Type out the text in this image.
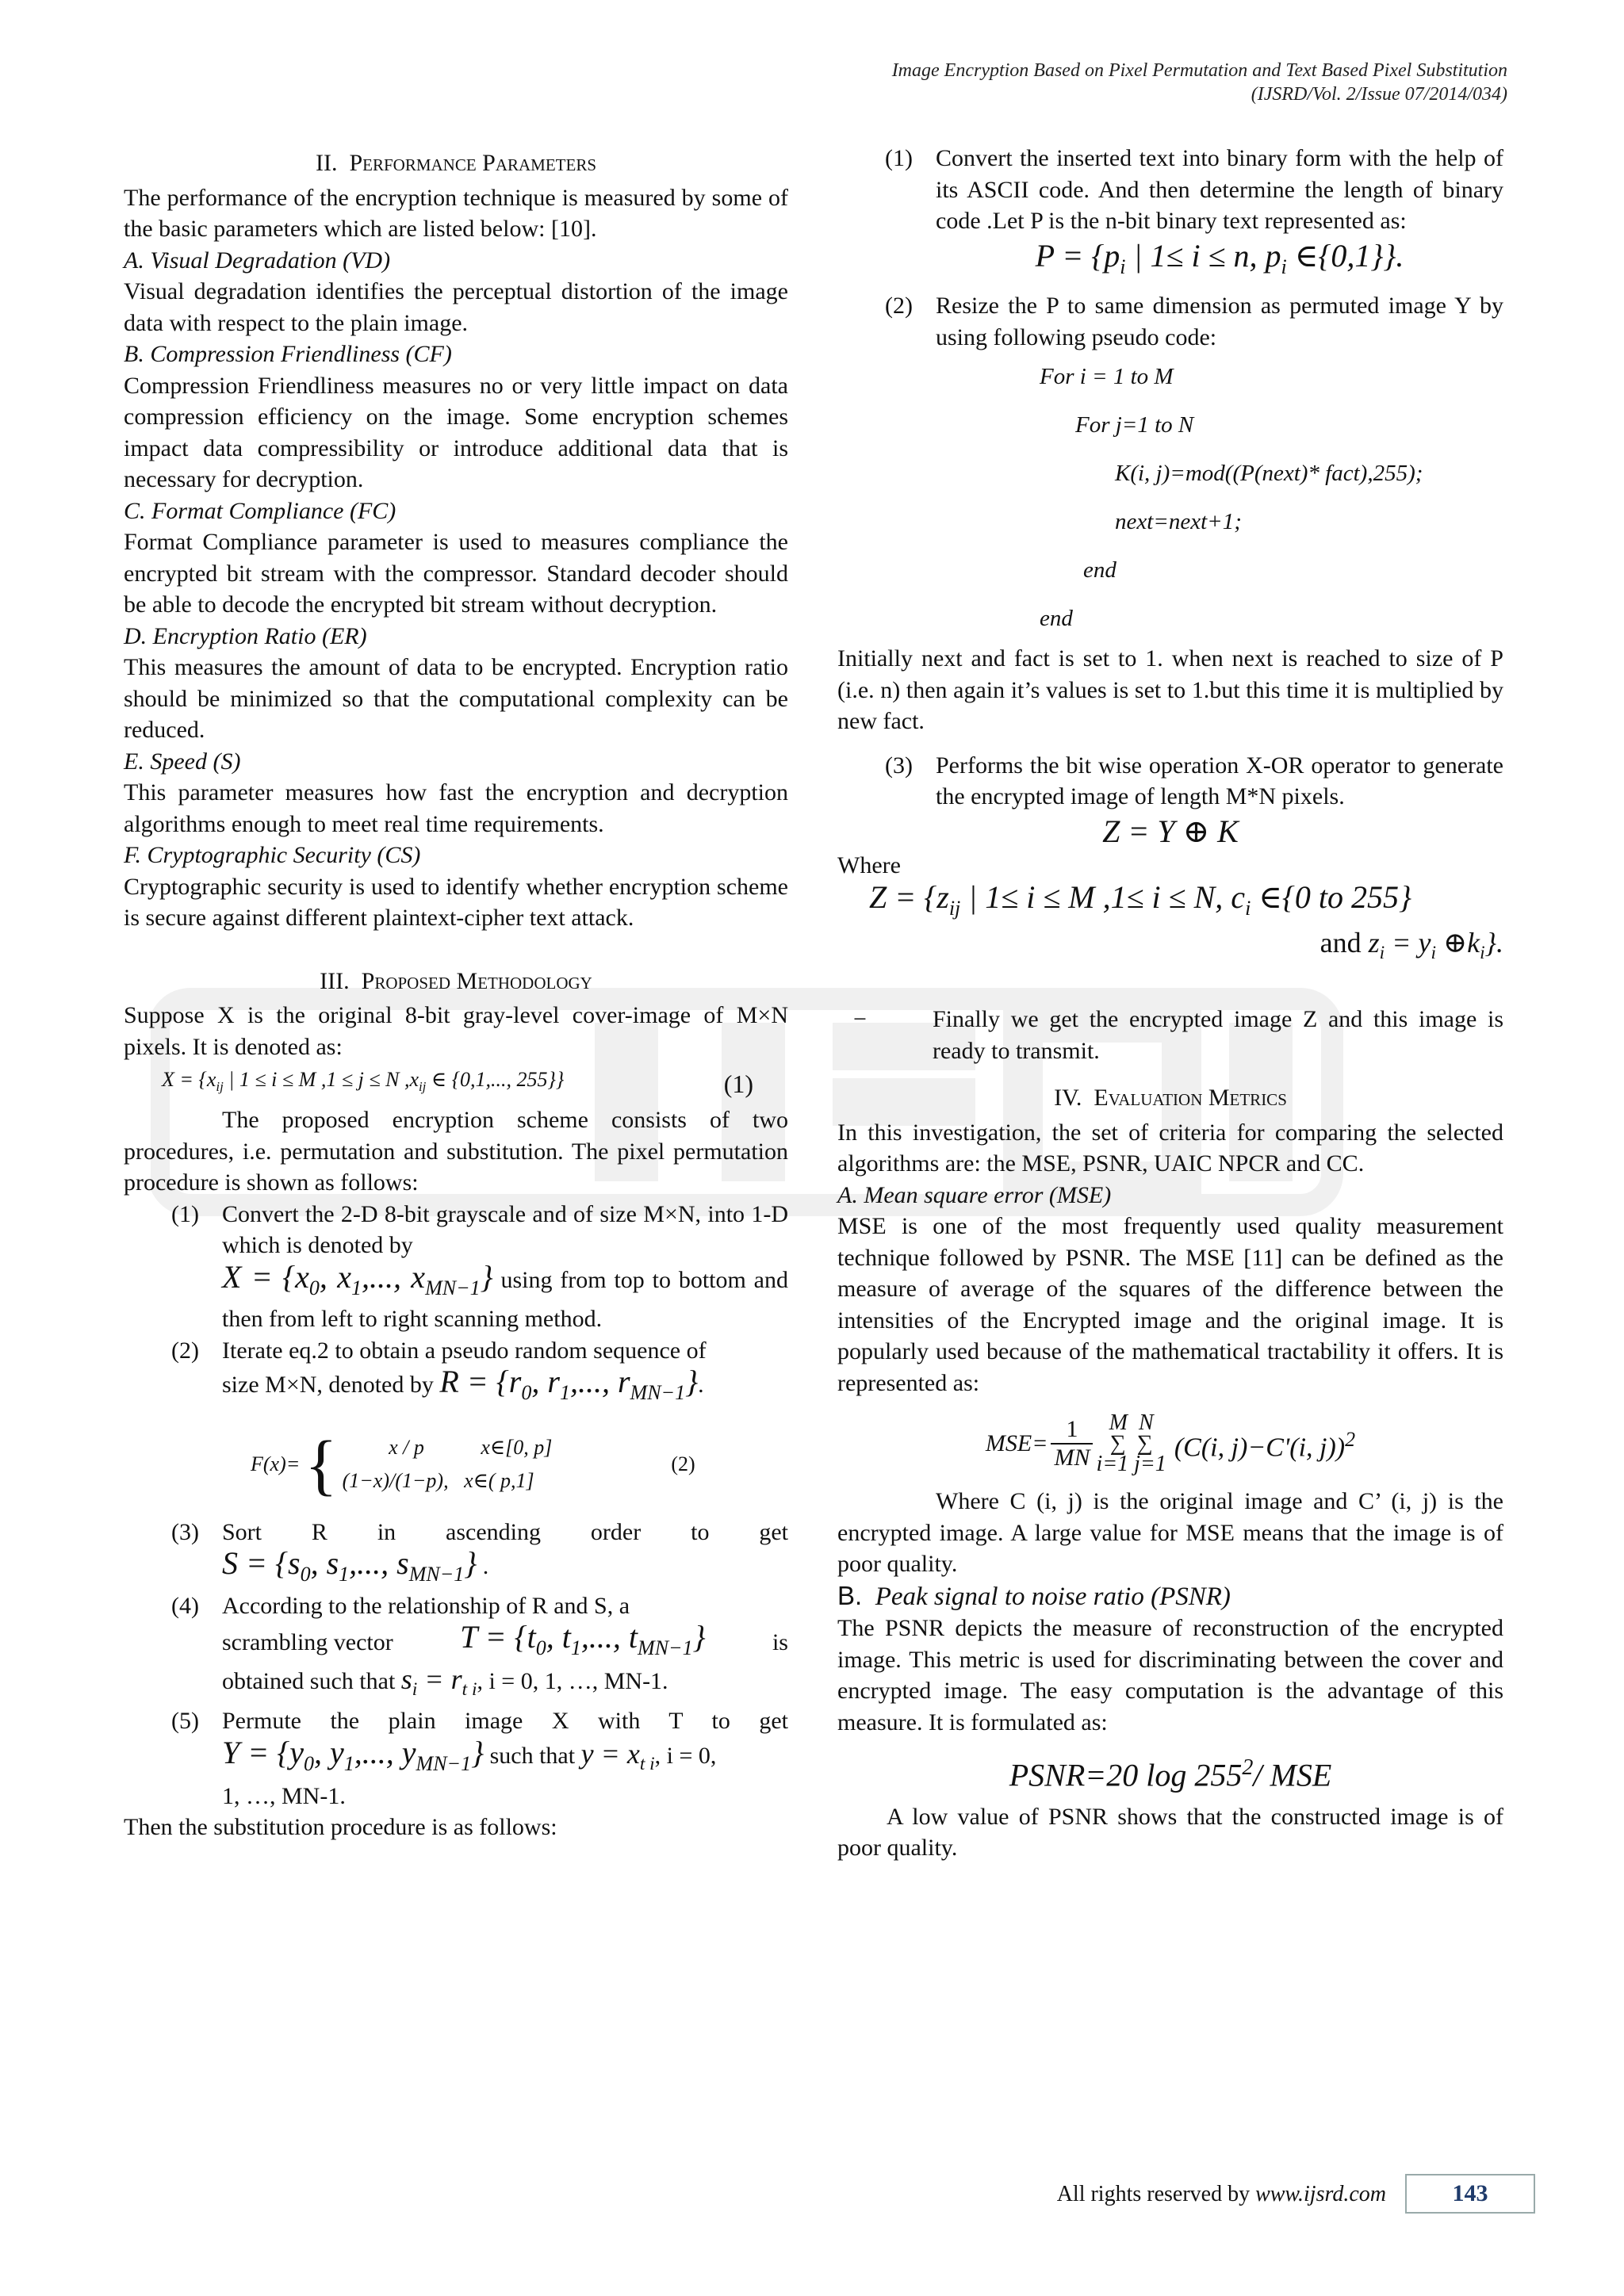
Image Encryption Based on Pixel Permutation and Text Based Pixel Substitution
(IJSRD/Vol. 2/Issue 07/2014/034)

II. Performance Parameters

The performance of the encryption technique is measured by some of the basic parameters which are listed below: [10].

A. Visual Degradation (VD)

Visual degradation identifies the perceptual distortion of the image data with respect to the plain image.

B. Compression Friendliness (CF)

Compression Friendliness measures no or very little impact on data compression efficiency on the image. Some encryption schemes impact data compressibility or introduce additional data that is necessary for decryption.

C. Format Compliance (FC)

Format Compliance parameter is used to measures compliance the encrypted bit stream with the compressor. Standard decoder should be able to decode the encrypted bit stream without decryption.

D. Encryption Ratio (ER)

This measures the amount of data to be encrypted. Encryption ratio should be minimized so that the computational complexity can be reduced.

E. Speed (S)

This parameter measures how fast the encryption and decryption algorithms enough to meet real time requirements.

F. Cryptographic Security (CS)

Cryptographic security is used to identify whether encryption scheme is secure against different plaintext-cipher text attack.

III. Proposed Methodology

Suppose X is the original 8-bit gray-level cover-image of M×N pixels. It is denoted as:

$X = \{x_{ij}$ | 1 ≤ i ≤ M ,1 ≤ j ≤ N $,x_{ij}$ ∈ {0,1,..., 255}}	(1)

The proposed encryption scheme consists of two procedures, i.e. permutation and substitution. The pixel permutation procedure is shown as follows:

(1) Convert the 2-D 8-bit grayscale and of size M×N, into 1-D which is denoted by

$X = \{x_0$, $x_1$,..., $x_{MN-1}$} using from top to bottom and then from left to right scanning method.

(2) Iterate eq.2 to obtain a pseudo random sequence of

size M×N, denoted by $R = \{r_0$, $r_1$,..., $r_{MN-1}$}.

F(x)= { x / p           x∈[0, p]
(1−x)/(1−p),   x∈( p,1]
(2)
(3) Sort R in ascending order to get

$S = \{s_0$, $s_1$,..., $s_{MN-1}$} .

(4) According to the relationship of R and S, a

scrambling vector $T = \{t_0$, $t_1$,..., $t_{MN-1}$}	is

obtained such that $s_i = r_{t i}$, i = 0, 1, …, MN-1.

(5) Permute the plain image X with T to get

$Y = \{y_0$, $y_1$,..., $y_{MN-1}$} such that $y = x_{t i}$, i = 0,

1, …, MN-1.

Then the substitution procedure is as follows:

(1) Convert the inserted text into binary form with the help of its ASCII code. And then determine the length of binary code .Let P is the n-bit binary text represented as:

$P = \{p_i$ | 1≤ i ≤ n, $p_i$ ∈{0,1}}.

(2) Resize the P to same dimension as permuted image Y by using following pseudo code:

For i = 1 to M

For j=1 to N

K(i, j)=mod((P(next)* fact),255);

next=next+1;

end

end

Initially next and fact is set to 1. when next is reached to size of P (i.e. n) then again it’s values is set to 1.but this time it is multiplied by new fact.

(3) Performs the bit wise operation X-OR operator to generate the encrypted image of length M*N pixels.

Z = Y ⊕ K

Where

$Z = \{z_{ij}$ | 1≤ i ≤ M ,1≤ i ≤ N, $c_i$ ∈{0 to 255}

and $z_i = y_i$ $\oplus k_i$}.

−	Finally we get the encrypted image Z and this image is ready to transmit.

IV. Evaluation Metrics

In this investigation, the set of criteria for comparing the selected algorithms are: the MSE, PSNR, UAIC NPCR and CC.

A. Mean square error (MSE)

MSE is one of the most frequently used quality measurement technique followed by PSNR. The MSE [11] can be defined as the measure of average of the squares of the difference between the intensities of the Encrypted image and the original image. It is popularly used because of the mathematical tractability it offers. It is represented as:

$MSE= \frac{1}{MN}$ M  N
∑  ∑
i=1 j=1
(C(i, j)−C'(i, j))$^2$

Where C (i, j) is the original image and C’ (i, j) is the encrypted image. A large value for MSE means that the image is of poor quality.

B. Peak signal to noise ratio (PSNR)

The PSNR depicts the measure of reconstruction of the encrypted image. This metric is used for discriminating between the cover and encrypted image. The easy computation is the advantage of this measure. It is formulated as:

PSNR=20 $\log 255^2/$ MSE

A low value of PSNR shows that the constructed image is of poor quality.

All rights reserved by www.ijsrd.com	143
